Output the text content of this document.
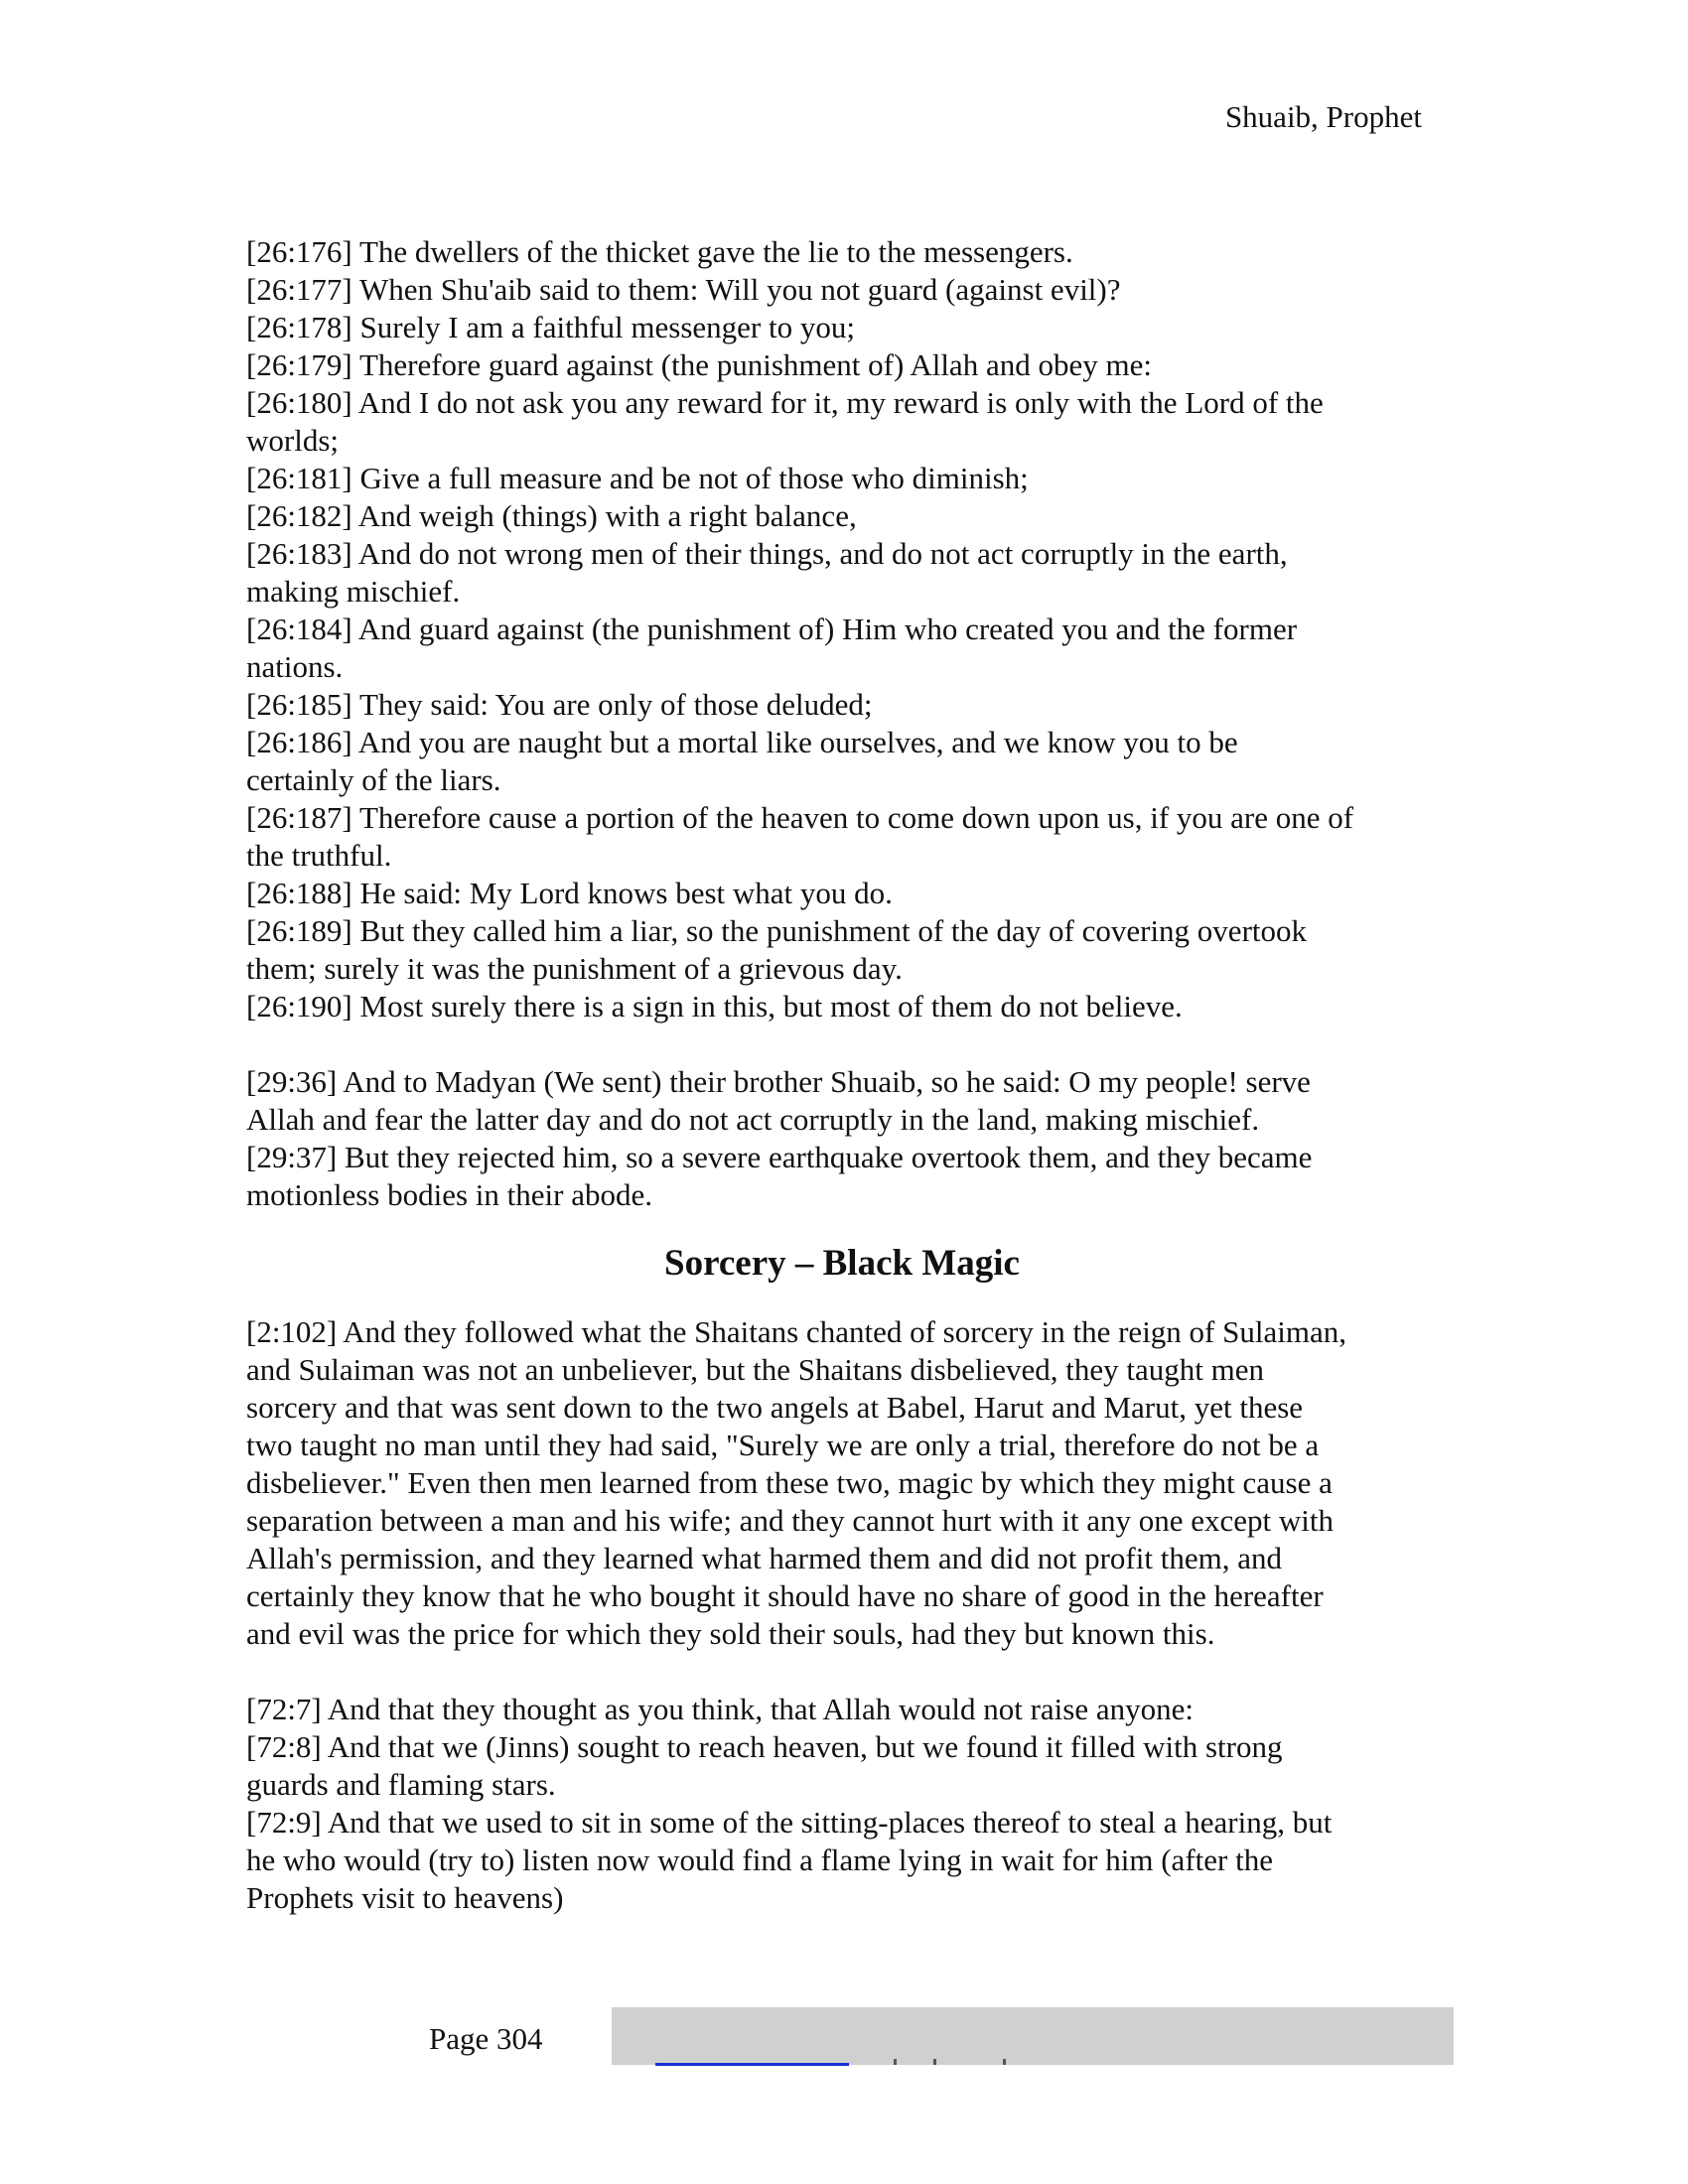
Shuaib, Prophet

[26:176] The dwellers of the thicket gave the lie to the messengers.

[26:177] When Shu'aib said to them: Will you not guard (against evil)?

[26:178] Surely I am a faithful messenger to you;

[26:179] Therefore guard against (the punishment of) Allah and obey me:

[26:180] And I do not ask you any reward for it, my reward is only with the Lord of the

worlds;

[26:181] Give a full measure and be not of those who diminish;

[26:182] And weigh (things) with a right balance,

[26:183] And do not wrong men of their things, and do not act corruptly in the earth,

making mischief.

[26:184] And guard against (the punishment of) Him who created you and the former

nations.

[26:185] They said: You are only of those deluded;

[26:186] And you are naught but a mortal like ourselves, and we know you to be

certainly of the liars.

[26:187] Therefore cause a portion of the heaven to come down upon us, if you are one of

the truthful.

[26:188] He said: My Lord knows best what you do.

[26:189] But they called him a liar, so the punishment of the day of covering overtook

them; surely it was the punishment of a grievous day.

[26:190] Most surely there is a sign in this, but most of them do not believe.

[29:36] And to Madyan (We sent) their brother Shuaib, so he said: O my people! serve

Allah and fear the latter day and do not act corruptly in the land, making mischief.

[29:37] But they rejected him, so a severe earthquake overtook them, and they became

motionless bodies in their abode.

Sorcery – Black Magic

[2:102] And they followed what the Shaitans chanted of sorcery in the reign of Sulaiman,

and Sulaiman was not an unbeliever, but the Shaitans disbelieved, they taught men

sorcery and that was sent down to the two angels at Babel, Harut and Marut, yet these

two taught no man until they had said, "Surely we are only a trial, therefore do not be a

disbeliever." Even then men learned from these two, magic by which they might cause a

separation between a man and his wife; and they cannot hurt with it any one except with

Allah's permission, and they learned what harmed them and did not profit them, and

certainly they know that he who bought it should have no share of good in the hereafter

and evil was the price for which they sold their souls, had they but known this.

[72:7] And that they thought as you think, that Allah would not raise anyone:

[72:8] And that we (Jinns) sought to reach heaven, but we found it filled with strong

guards and flaming stars.

[72:9] And that we used to sit in some of the sitting-places thereof to steal a hearing, but

he who would (try to) listen now would find a flame lying in wait for him (after the

Prophets visit to heavens)

Page 304
